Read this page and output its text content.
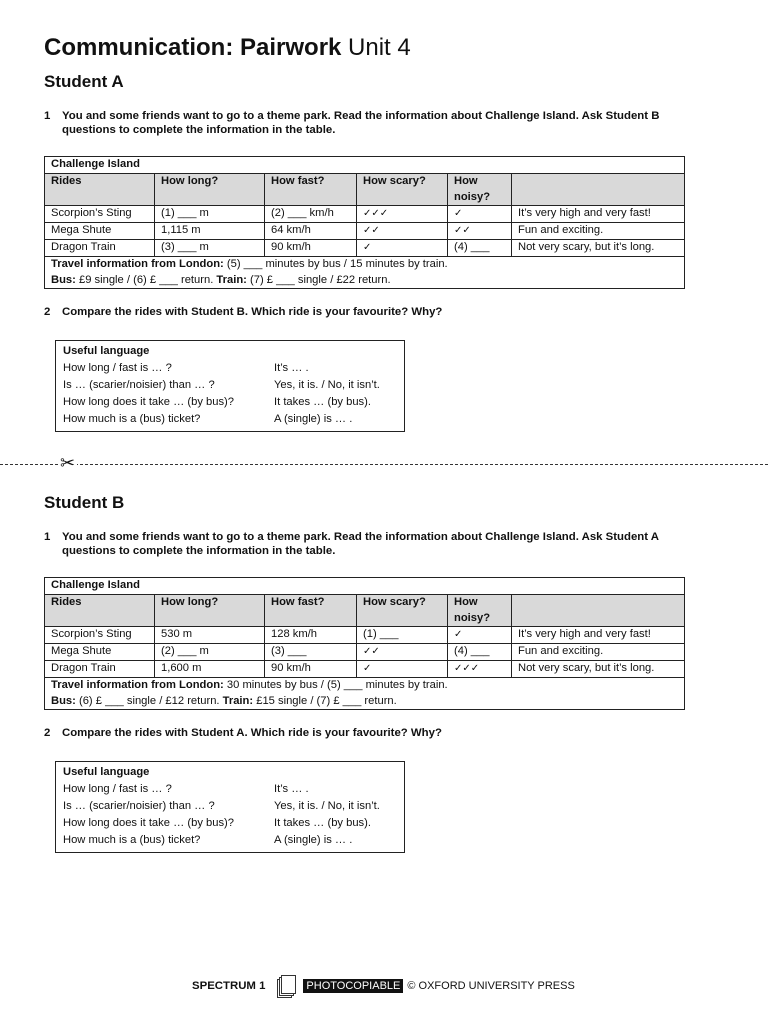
Communication: Pairwork Unit 4
Student A
1 You and some friends want to go to a theme park. Read the information about Challenge Island. Ask Student B questions to complete the information in the table.
Challenge Island					
Rides	How long?	How fast?	How scary?	How noisy?	
Scorpion’s Sting	(1) ___ m	(2) ___ km/h	✓✓✓	✓	It’s very high and very fast!
Mega Shute	1,115 m	64 km/h	✓✓	✓✓	Fun and exciting.
Dragon Train	(3) ___ m	90 km/h	✓	(4) ___	Not very scary, but it’s long.

Travel information from London: (5) ___ minutes by bus / 15 minutes by train.
Bus: £9 single / (6) £ ___ return. Train: (7) £ ___ single / £22 return.					
2 Compare the rides with Student B. Which ride is your favourite? Why?
Useful language
How long / fast is … ?	It’s … .
Is … (scarier/noisier) than … ?	Yes, it is. / No, it isn’t.
How long does it take … (by bus)?	It takes … (by bus).
How much is a (bus) ticket?	A (single) is … .
✂
Student B
1 You and some friends want to go to a theme park. Read the information about Challenge Island. Ask Student A questions to complete the information in the table.
Challenge Island					
Rides	How long?	How fast?	How scary?	How noisy?	
Scorpion’s Sting	530 m	128 km/h	(1) ___	✓	It’s very high and very fast!
Mega Shute	(2) ___ m	(3) ___	✓✓	(4) ___	Fun and exciting.
Dragon Train	1,600 m	90 km/h	✓	✓✓✓	Not very scary, but it’s long.

Travel information from London: 30 minutes by bus / (5) ___ minutes by train.
Bus: (6) £ ___ single / £12 return. Train: £15 single / (7) £ ___ return.					
2 Compare the rides with Student A. Which ride is your favourite? Why?
Useful language
How long / fast is … ?	It’s … .
Is … (scarier/noisier) than … ?	Yes, it is. / No, it isn’t.
How long does it take … (by bus)?	It takes … (by bus).
How much is a (bus) ticket?	A (single) is … .
SPECTRUM 1	PHOTOCOPIABLE © OXFORD UNIVERSITY PRESS
